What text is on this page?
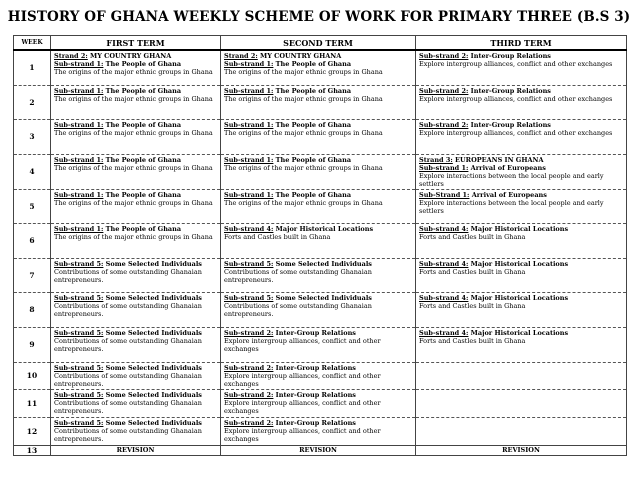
HISTORY OF GHANA WEEKLY SCHEME OF WORK FOR PRIMARY THREE (B.S 3)
WEEK	FIRST TERM	SECOND TERM	THIRD TERM
1	Strand 2: MY COUNTRY GHANA
Sub-strand 1: The People of Ghana
The origins of the major ethnic groups in Ghana	Strand 2: MY COUNTRY GHANA
Sub-strand 1: The People of Ghana
The origins of the major ethnic groups in Ghana	Sub-strand 2: Inter-Group Relations
Explore intergroup alliances, conflict and other exchanges

2	Sub-strand 1: The People of Ghana
The origins of the major ethnic groups in Ghana	Sub-strand 1: The People of Ghana
The origins of the major ethnic groups in Ghana	Sub-strand 2: Inter-Group Relations
Explore intergroup alliances, conflict and other exchanges

3	Sub-strand 1: The People of Ghana
The origins of the major ethnic groups in Ghana	Sub-strand 1: The People of Ghana
The origins of the major ethnic groups in Ghana	Sub-strand 2: Inter-Group Relations
Explore intergroup alliances, conflict and other exchanges

4	Sub-strand 1: The People of Ghana
The origins of the major ethnic groups in Ghana	Sub-strand 1: The People of Ghana
The origins of the major ethnic groups in Ghana	Strand 3: EUROPEANS IN GHANA
Sub-strand 1: Arrival of Europeans
Explore interactions between the local people and early settlers

5	Sub-strand 1: The People of Ghana
The origins of the major ethnic groups in Ghana	Sub-strand 1: The People of Ghana
The origins of the major ethnic groups in Ghana	Sub-Strand 1: Arrival of Europeans
Explore interactions between the local people and early settlers

6	Sub-strand 1: The People of Ghana
The origins of the major ethnic groups in Ghana	Sub-strand 4: Major Historical Locations
Forts and Castles built in Ghana	Sub-strand 4: Major Historical Locations
Forts and Castles built in Ghana

7	Sub-strand 5: Some Selected Individuals
Contributions of some outstanding Ghanaian entrepreneurs.	Sub-strand 5: Some Selected Individuals
Contributions of some outstanding Ghanaian entrepreneurs.	Sub-strand 4: Major Historical Locations
Forts and Castles built in Ghana

8	Sub-strand 5: Some Selected Individuals
Contributions of some outstanding Ghanaian entrepreneurs.	Sub-strand 5: Some Selected Individuals
Contributions of some outstanding Ghanaian entrepreneurs.	Sub-strand 4: Major Historical Locations
Forts and Castles built in Ghana

9	Sub-strand 5: Some Selected Individuals
Contributions of some outstanding Ghanaian entrepreneurs.	Sub-strand 2: Inter-Group Relations
Explore intergroup alliances, conflict and other exchanges	Sub-strand 4: Major Historical Locations
Forts and Castles built in Ghana

10	Sub-strand 5: Some Selected Individuals
Contributions of some outstanding Ghanaian entrepreneurs.	Sub-strand 2: Inter-Group Relations
Explore intergroup alliances, conflict and other exchanges	

11	Sub-strand 5: Some Selected Individuals
Contributions of some outstanding Ghanaian entrepreneurs.	Sub-strand 2: Inter-Group Relations
Explore intergroup alliances, conflict and other exchanges	

12	Sub-strand 5: Some Selected Individuals
Contributions of some outstanding Ghanaian entrepreneurs.	Sub-strand 2: Inter-Group Relations
Explore intergroup alliances, conflict and other exchanges	

13	REVISION	REVISION	REVISION
